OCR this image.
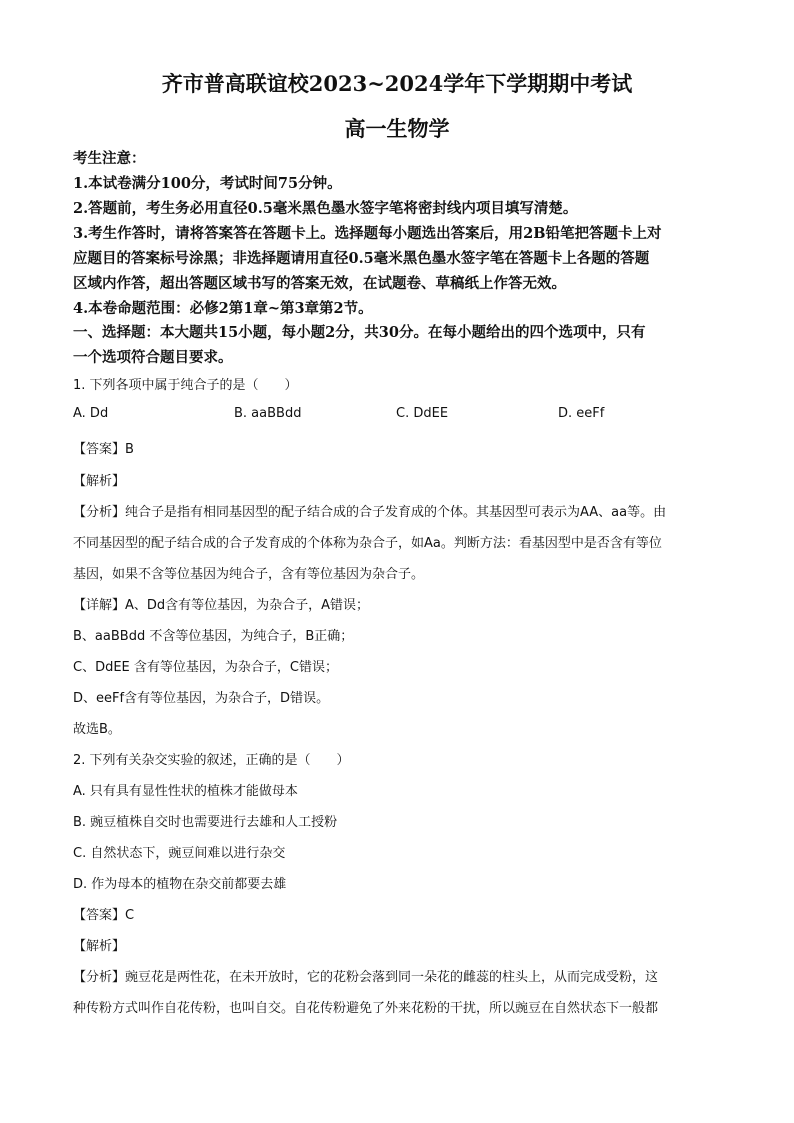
齐市普高联谊校2023~2024学年下学期期中考试
高一生物学
考生注意：
1.本试卷满分100分，考试时间75分钟。
2.答题前，考生务必用直径0.5毫米黑色墨水签字笔将密封线内项目填写清楚。
3.考生作答时，请将答案答在答题卡上。选择题每小题选出答案后，用2B铅笔把答题卡上对
应题目的答案标号涂黑；非选择题请用直径0.5毫米黑色墨水签字笔在答题卡上各题的答题
区域内作答，超出答题区域书写的答案无效，在试题卷、草稿纸上作答无效。
4.本卷命题范围：必修2第1章~第3章第2节。
一、选择题：本大题共15小题，每小题2分，共30分。在每小题给出的四个选项中，只有
一个选项符合题目要求。
1. 下列各项中属于纯合子的是（　　）
A. Dd	B. aaBBdd	C. DdEE	D. eeFf
【答案】B
【解析】
【分析】纯合子是指有相同基因型的配子结合成的合子发育成的个体。其基因型可表示为AA、aa等。由
不同基因型的配子结合成的合子发育成的个体称为杂合子，如Aa。判断方法：看基因型中是否含有等位
基因，如果不含等位基因为纯合子，含有等位基因为杂合子。
【详解】A、Dd含有等位基因，为杂合子，A错误；
B、aaBBdd 不含等位基因，为纯合子，B正确；
C、DdEE 含有等位基因，为杂合子，C错误；
D、eeFf含有等位基因，为杂合子，D错误。
故选B。
2. 下列有关杂交实验的叙述，正确的是（　　）
A. 只有具有显性性状的植株才能做母本
B. 豌豆植株自交时也需要进行去雄和人工授粉
C. 自然状态下，豌豆间难以进行杂交
D. 作为母本的植物在杂交前都要去雄
【答案】C
【解析】
【分析】豌豆花是两性花，在未开放时，它的花粉会落到同一朵花的雌蕊的柱头上，从而完成受粉，这
种传粉方式叫作自花传粉，也叫自交。自花传粉避免了外来花粉的干扰，所以豌豆在自然状态下一般都
